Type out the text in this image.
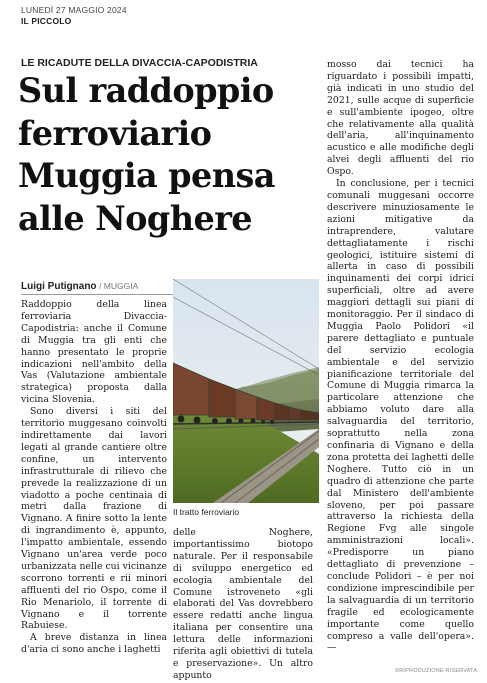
LUNEDÌ 27 MAGGIO 2024
IL PICCOLO
LE RICADUTE DELLA DIVACCIA-CAPODISTRIA
Sul raddoppio
ferroviario
Muggia pensa
alle Noghere
Luigi Putignano / MUGGIA

Raddoppio della linea ferroviaria Divaccia-Capodistria: anche il Comune di Muggia tra gli enti che hanno presentato le proprie indicazioni nell'ambito della Vas (Valutazione ambientale strategica) proposta dalla vicina Slovenia.

Sono diversi i siti del territorio muggesano coinvolti indirettamente dai lavori legati al grande cantiere oltre confine, un intervento infrastrutturale di rilievo che prevede la realizzazione di un viadotto a poche centinaia di metri dalla frazione di Vignano. A finire sotto la lente di ingrandimento è, appunto, l'impatto ambientale, essendo Vignano un'area verde poco urbanizzata nelle cui vicinanze scorrono torrenti e rii minori affluenti del rio Ospo, come il Rio Menariolo, il torrente di Vignano e il torrente Rabuiese.

A breve distanza in linea d'aria ci sono anche i laghetti

Il tratto ferroviario

delle Noghere, importantissimo biotopo naturale. Per il responsabile di sviluppo energetico ed ecologia ambientale del Comune istroveneto «gli elaborati del Vas dovrebbero essere redatti anche lingua italiana per consentire una lettura delle informazioni riferita agli obiettivi di tutela e preservazione». Un altro appunto

mosso dai tecnici ha riguardato i possibili impatti, già indicati in uno studio del 2021, sulle acque di superficie e sull'ambiente ipogeo, oltre che relativamente alla qualità dell'aria, all'inquinamento acustico e alle modifiche degli alvei degli affluenti del rio Ospo.

In conclusione, per i tecnici comunali muggesani occorre descrivere minuziosamente le azioni mitigative da intraprendere, valutare dettagliatamente i rischi geologici, istituire sistemi di allerta in caso di possibili inquinamenti dei corpi idrici superficiali, oltre ad avere maggiori dettagli sui piani di monitoraggio. Per il sindaco di Muggia Paolo Polidori «il parere dettagliato e puntuale del servizio ecologia ambientale e del servizio pianificazione territoriale del Comune di Muggia rimarca la particolare attenzione che abbiamo voluto dare alla salvaguardia del territorio, soprattutto nella zona confinaria di Vignano e della zona protetta dei laghetti delle Noghere. Tutto ciò in un quadro di attenzione che parte dal Ministero dell'ambiente sloveno, per poi passare attraverso la richiesta della Regione Fvg alle singole amministrazioni locali». «Predisporre un piano dettagliato di prevenzione – conclude Polidori – è per noi condizione imprescindibile per la salvaguardia di un territorio fragile ed ecologicamente importante come quello compreso a valle dell'opera». —

©RIPRODUZIONE RISERVATA
